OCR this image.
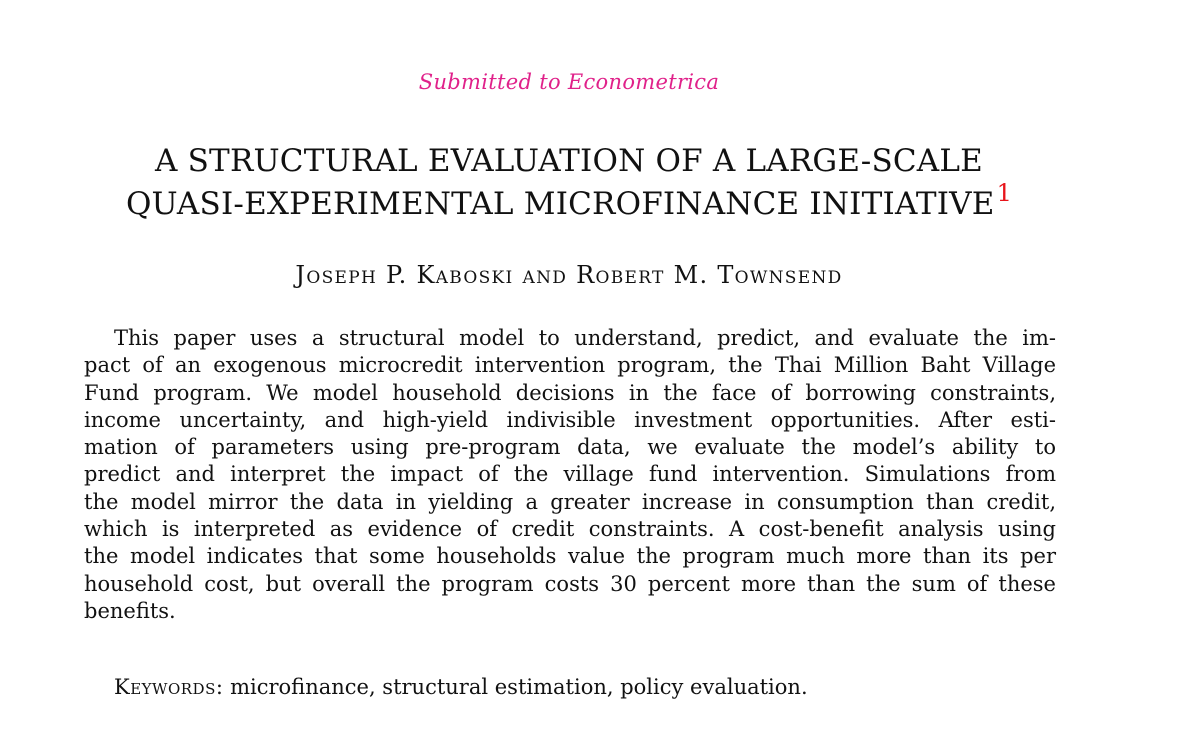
Submitted to Econometrica
A STRUCTURAL EVALUATION OF A LARGE-SCALE
QUASI-EXPERIMENTAL MICROFINANCE INITIATIVE$^1$
Joseph P. Kaboski and Robert M. Townsend
This paper uses a structural model to understand, predict, and evaluate the im-
pact of an exogenous microcredit intervention program, the Thai Million Baht Village
Fund program. We model household decisions in the face of borrowing constraints,
income uncertainty, and high-yield indivisible investment opportunities. After esti-
mation of parameters using pre-program data, we evaluate the model’s ability to
predict and interpret the impact of the village fund intervention. Simulations from
the model mirror the data in yielding a greater increase in consumption than credit,
which is interpreted as evidence of credit constraints. A cost-benefit analysis using
the model indicates that some households value the program much more than its per
household cost, but overall the program costs 30 percent more than the sum of these
benefits.
Keywords: microfinance, structural estimation, policy evaluation.
